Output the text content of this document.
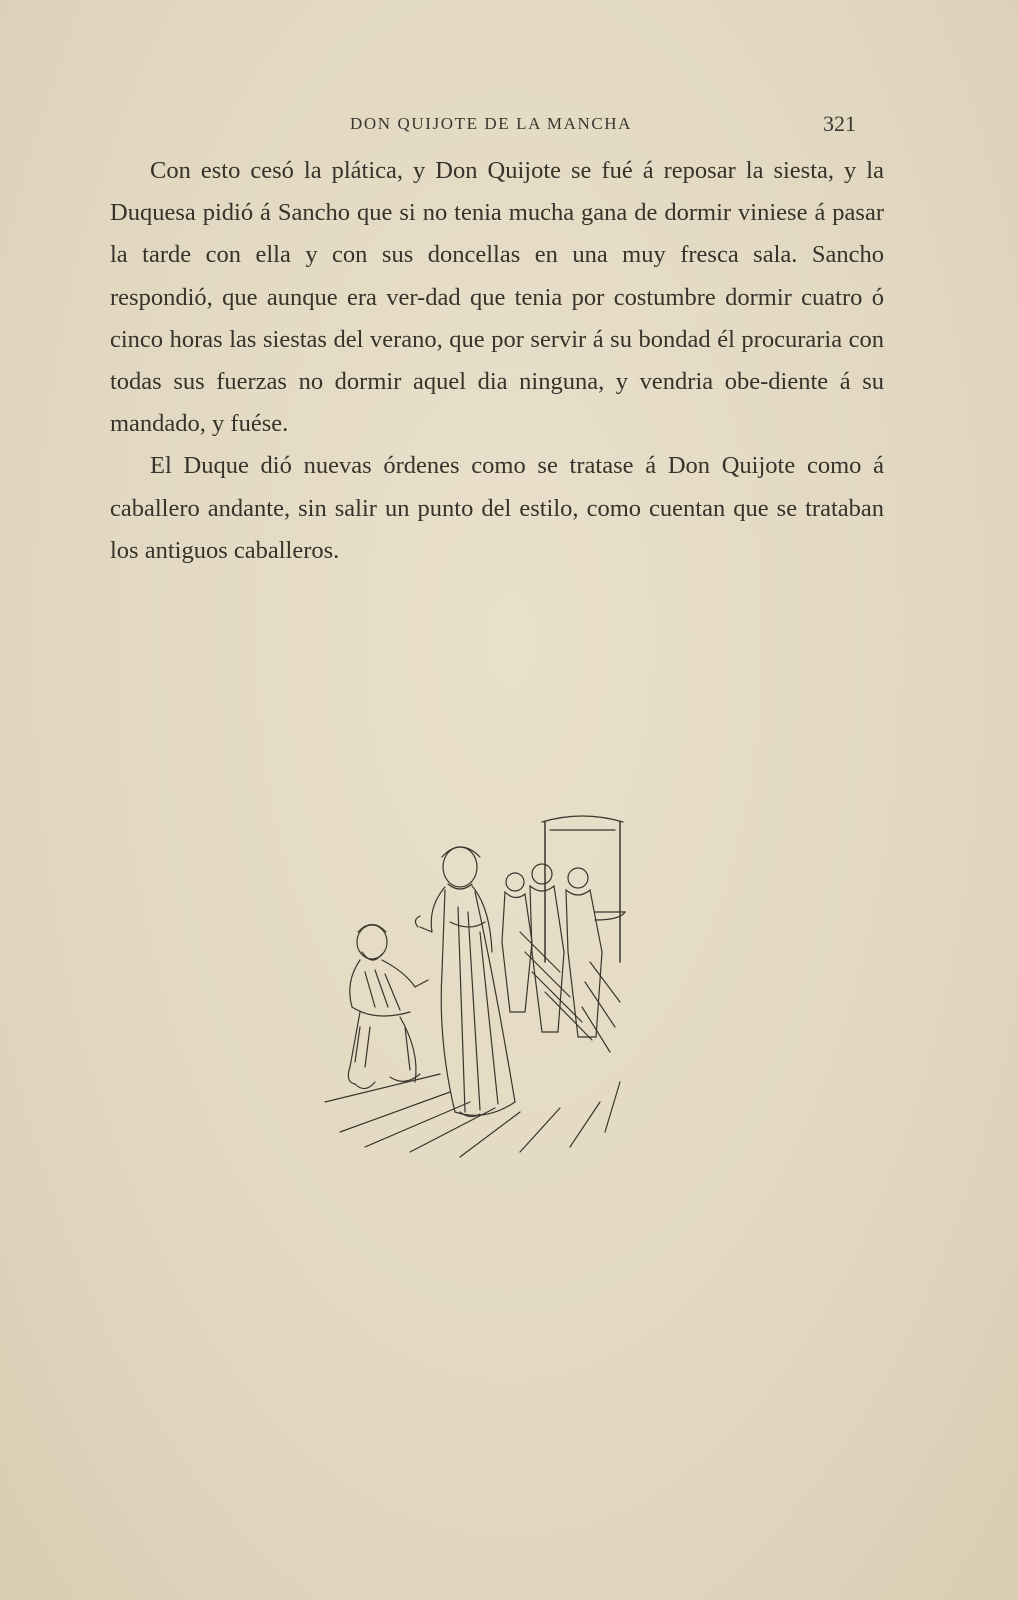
DON QUIJOTE DE LA MANCHA	321

Con esto cesó la plática, y Don Quijote se fué á reposar la siesta, y la Duquesa pidió á Sancho que si no tenia mucha gana de dormir viniese á pasar la tarde con ella y con sus doncellas en una muy fresca sala. Sancho respondió, que aunque era ver-dad que tenia por costumbre dormir cuatro ó cinco horas las siestas del verano, que por servir á su bondad él procuraria con todas sus fuerzas no dormir aquel dia ninguna, y vendria obe-diente á su mandado, y fuése.

El Duque dió nuevas órdenes como se tratase á Don Quijote como á caballero andante, sin salir un punto del estilo, como cuentan que se trataban los antiguos caballeros.
